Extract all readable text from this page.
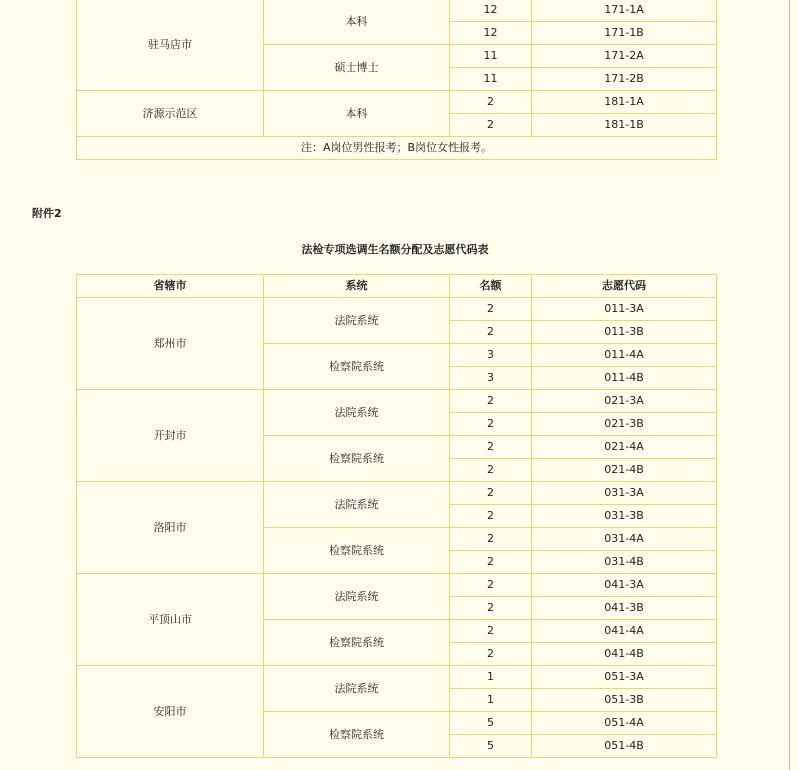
驻马店市	本科	12	171-1A
		12	171-1B
	硕士博士	11	171-2A
		11	171-2B
济源示范区	本科	2	181-1A
		2	181-1B
注：A岗位男性报考；B岗位女性报考。			
附件2
法检专项选调生名额分配及志愿代码表
省辖市	系统	名额	志愿代码
郑州市	法院系统	2	011-3A
		2	011-3B
	检察院系统	3	011-4A
		3	011-4B
开封市	法院系统	2	021-3A
		2	021-3B
	检察院系统	2	021-4A
		2	021-4B
洛阳市	法院系统	2	031-3A
		2	031-3B
	检察院系统	2	031-4A
		2	031-4B
平顶山市	法院系统	2	041-3A
		2	041-3B
	检察院系统	2	041-4A
		2	041-4B
安阳市	法院系统	1	051-3A
		1	051-3B
	检察院系统	5	051-4A
		5	051-4B
